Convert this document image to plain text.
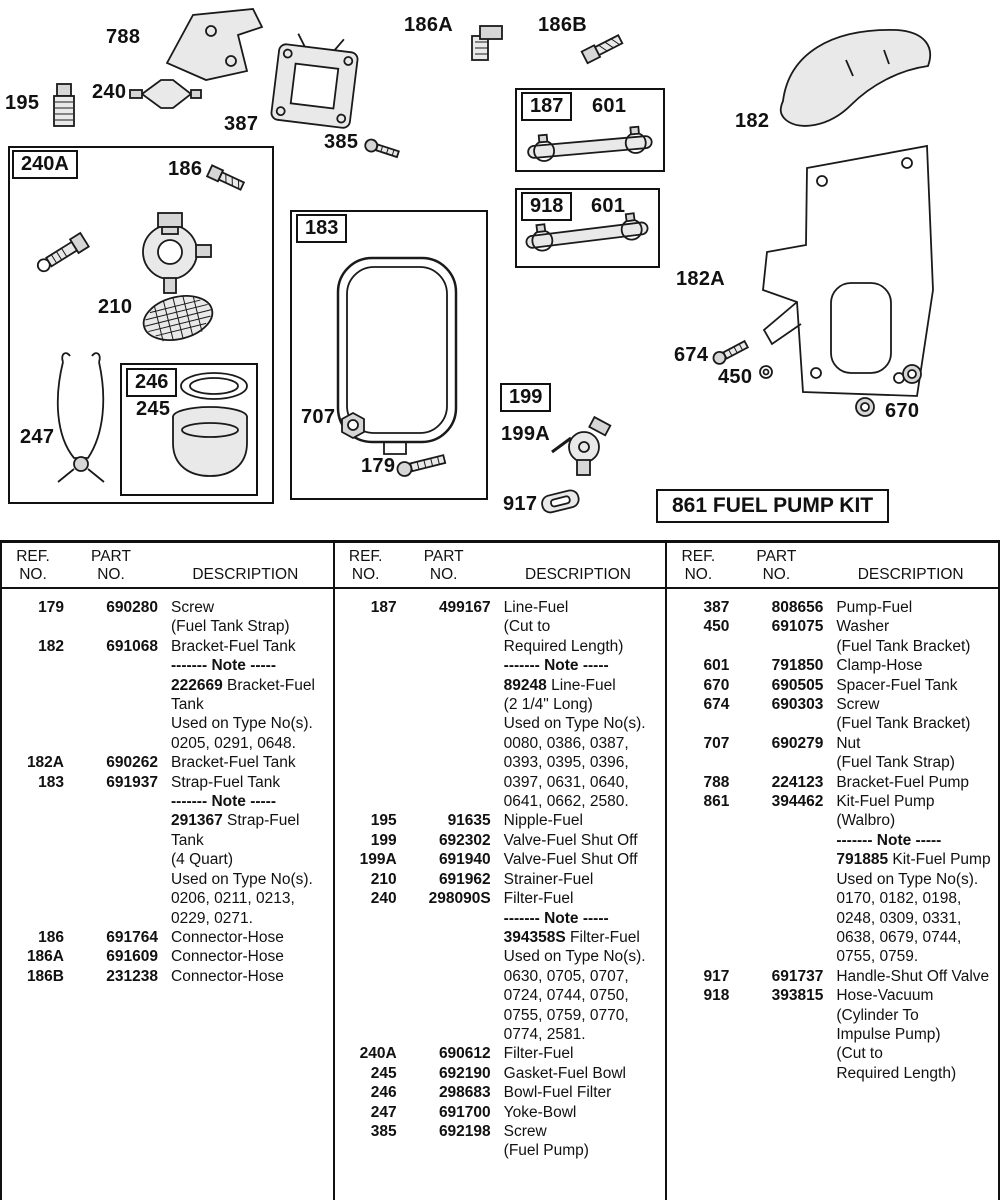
240A
183
246
199
187
918
788
186A	186B
195	240
387
385
182
601
601
186
182A
210
245
247
707
179
674
450
670
199A
917	861 FUEL PUMP KIT
REF.
NO.
PART
NO.	DESCRIPTION
179	690280 Screw
(Fuel Tank Strap)
182	691068 Bracket-Fuel Tank
------- Note -----
222669 Bracket-Fuel
Tank
Used on Type No(s).
0205, 0291, 0648.
182A	690262 Bracket-Fuel Tank
183	691937 Strap-Fuel Tank
------- Note -----
291367 Strap-Fuel
Tank
(4 Quart)
Used on Type No(s).
0206, 0211, 0213,
0229, 0271.
186	691764 Connector-Hose
186A	691609 Connector-Hose
186B	231238 Connector-Hose
REF.
NO.
PART
NO.	DESCRIPTION
187	499167 Line-Fuel
(Cut to
Required Length)
------- Note -----
89248 Line-Fuel
(2 1/4" Long)
Used on Type No(s).
0080, 0386, 0387,
0393, 0395, 0396,
0397, 0631, 0640,
0641, 0662, 2580.
195	91635 Nipple-Fuel
199	692302 Valve-Fuel Shut Off
199A	691940 Valve-Fuel Shut Off
210	691962 Strainer-Fuel
240	298090S Filter-Fuel
------- Note -----
394358S Filter-Fuel
Used on Type No(s).
0630, 0705, 0707,
0724, 0744, 0750,
0755, 0759, 0770,
0774, 2581.
240A	690612 Filter-Fuel
245	692190 Gasket-Fuel Bowl
246	298683 Bowl-Fuel Filter
247	691700 Yoke-Bowl
385	692198 Screw
(Fuel Pump)
REF.
NO.
PART
NO.	DESCRIPTION
387	808656 Pump-Fuel
450	691075 Washer
(Fuel Tank Bracket)
601	791850 Clamp-Hose
670	690505 Spacer-Fuel Tank
674	690303 Screw
(Fuel Tank Bracket)
707	690279 Nut
(Fuel Tank Strap)
788	224123 Bracket-Fuel Pump
861	394462 Kit-Fuel Pump
(Walbro)
------- Note -----
791885 Kit-Fuel Pump
Used on Type No(s).
0170, 0182, 0198,
0248, 0309, 0331,
0638, 0679, 0744,
0755, 0759.
917	691737 Handle-Shut Off Valve
918	393815 Hose-Vacuum
(Cylinder To
Impulse Pump)
(Cut to
Required Length)
